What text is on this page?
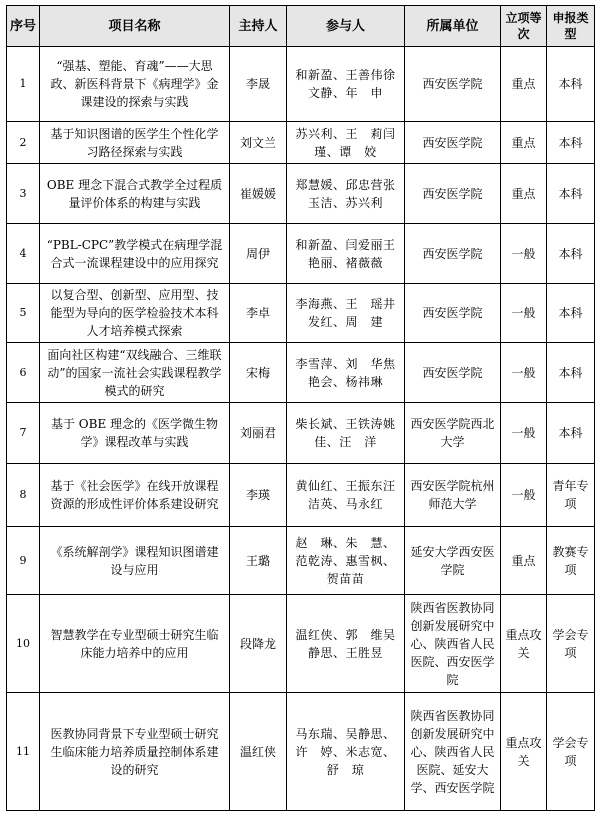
序号	项目名称	主持人	参与人	所属单位	立项等次	申报类型
1	“强基、塑能、育魂”——大思政、新医科背景下《病理学》金课建设的探索与实践	李晟	和新盈、王善伟徐文静、年　申	西安医学院	重点	本科
2	基于知识图谱的医学生个性化学习路径探索与实践	刘文兰	苏兴利、王　莉闫　瑾、谭　姣	西安医学院	重点	本科
3	OBE 理念下混合式教学全过程质量评价体系的构建与实践	崔媛媛	郑慧媛、邱忠营张玉洁、苏兴利	西安医学院	重点	本科
4	“PBL-CPC”教学模式在病理学混合式一流课程建设中的应用探究	周伊	和新盈、闫爱丽王艳丽、褚薇薇	西安医学院	一般	本科
5	以复合型、创新型、应用型、技能型为导向的医学检验技术本科人才培养模式探索	李卓	李海燕、王　瑶井发红、周　建	西安医学院	一般	本科
6	面向社区构建“双线融合、三维联动”的国家一流社会实践课程教学模式的研究	宋梅	李雪萍、刘　华焦艳会、杨祎琳	西安医学院	一般	本科
7	基于 OBE 理念的《医学微生物学》课程改革与实践	刘丽君	柴长斌、王铁涛姚　佳、汪　洋	西安医学院西北大学	一般	本科
8	基于《社会医学》在线开放课程资源的形成性评价体系建设研究	李瑛	黄仙红、王振东汪洁英、马永红	西安医学院杭州师范大学	一般	青年专项
9	《系统解剖学》课程知识图谱建设与应用	王璐	赵　琳、朱　慧、范乾涛、惠雪枫、贺苗苗	延安大学西安医学院	重点	教赛专项
10	智慧教学在专业型硕士研究生临床能力培养中的应用	段降龙	温红侠、郭　维吴静思、王胜昱	陕西省医教协同创新发展研究中心、陕西省人民医院、西安医学院	重点攻关	学会专项
11	医教协同背景下专业型硕士研究生临床能力培养质量控制体系建设的研究	温红侠	马东瑞、吴静思、许　婷、米志宽、舒　琼	陕西省医教协同创新发展研究中心、陕西省人民医院、延安大学、西安医学院	重点攻关	学会专项
